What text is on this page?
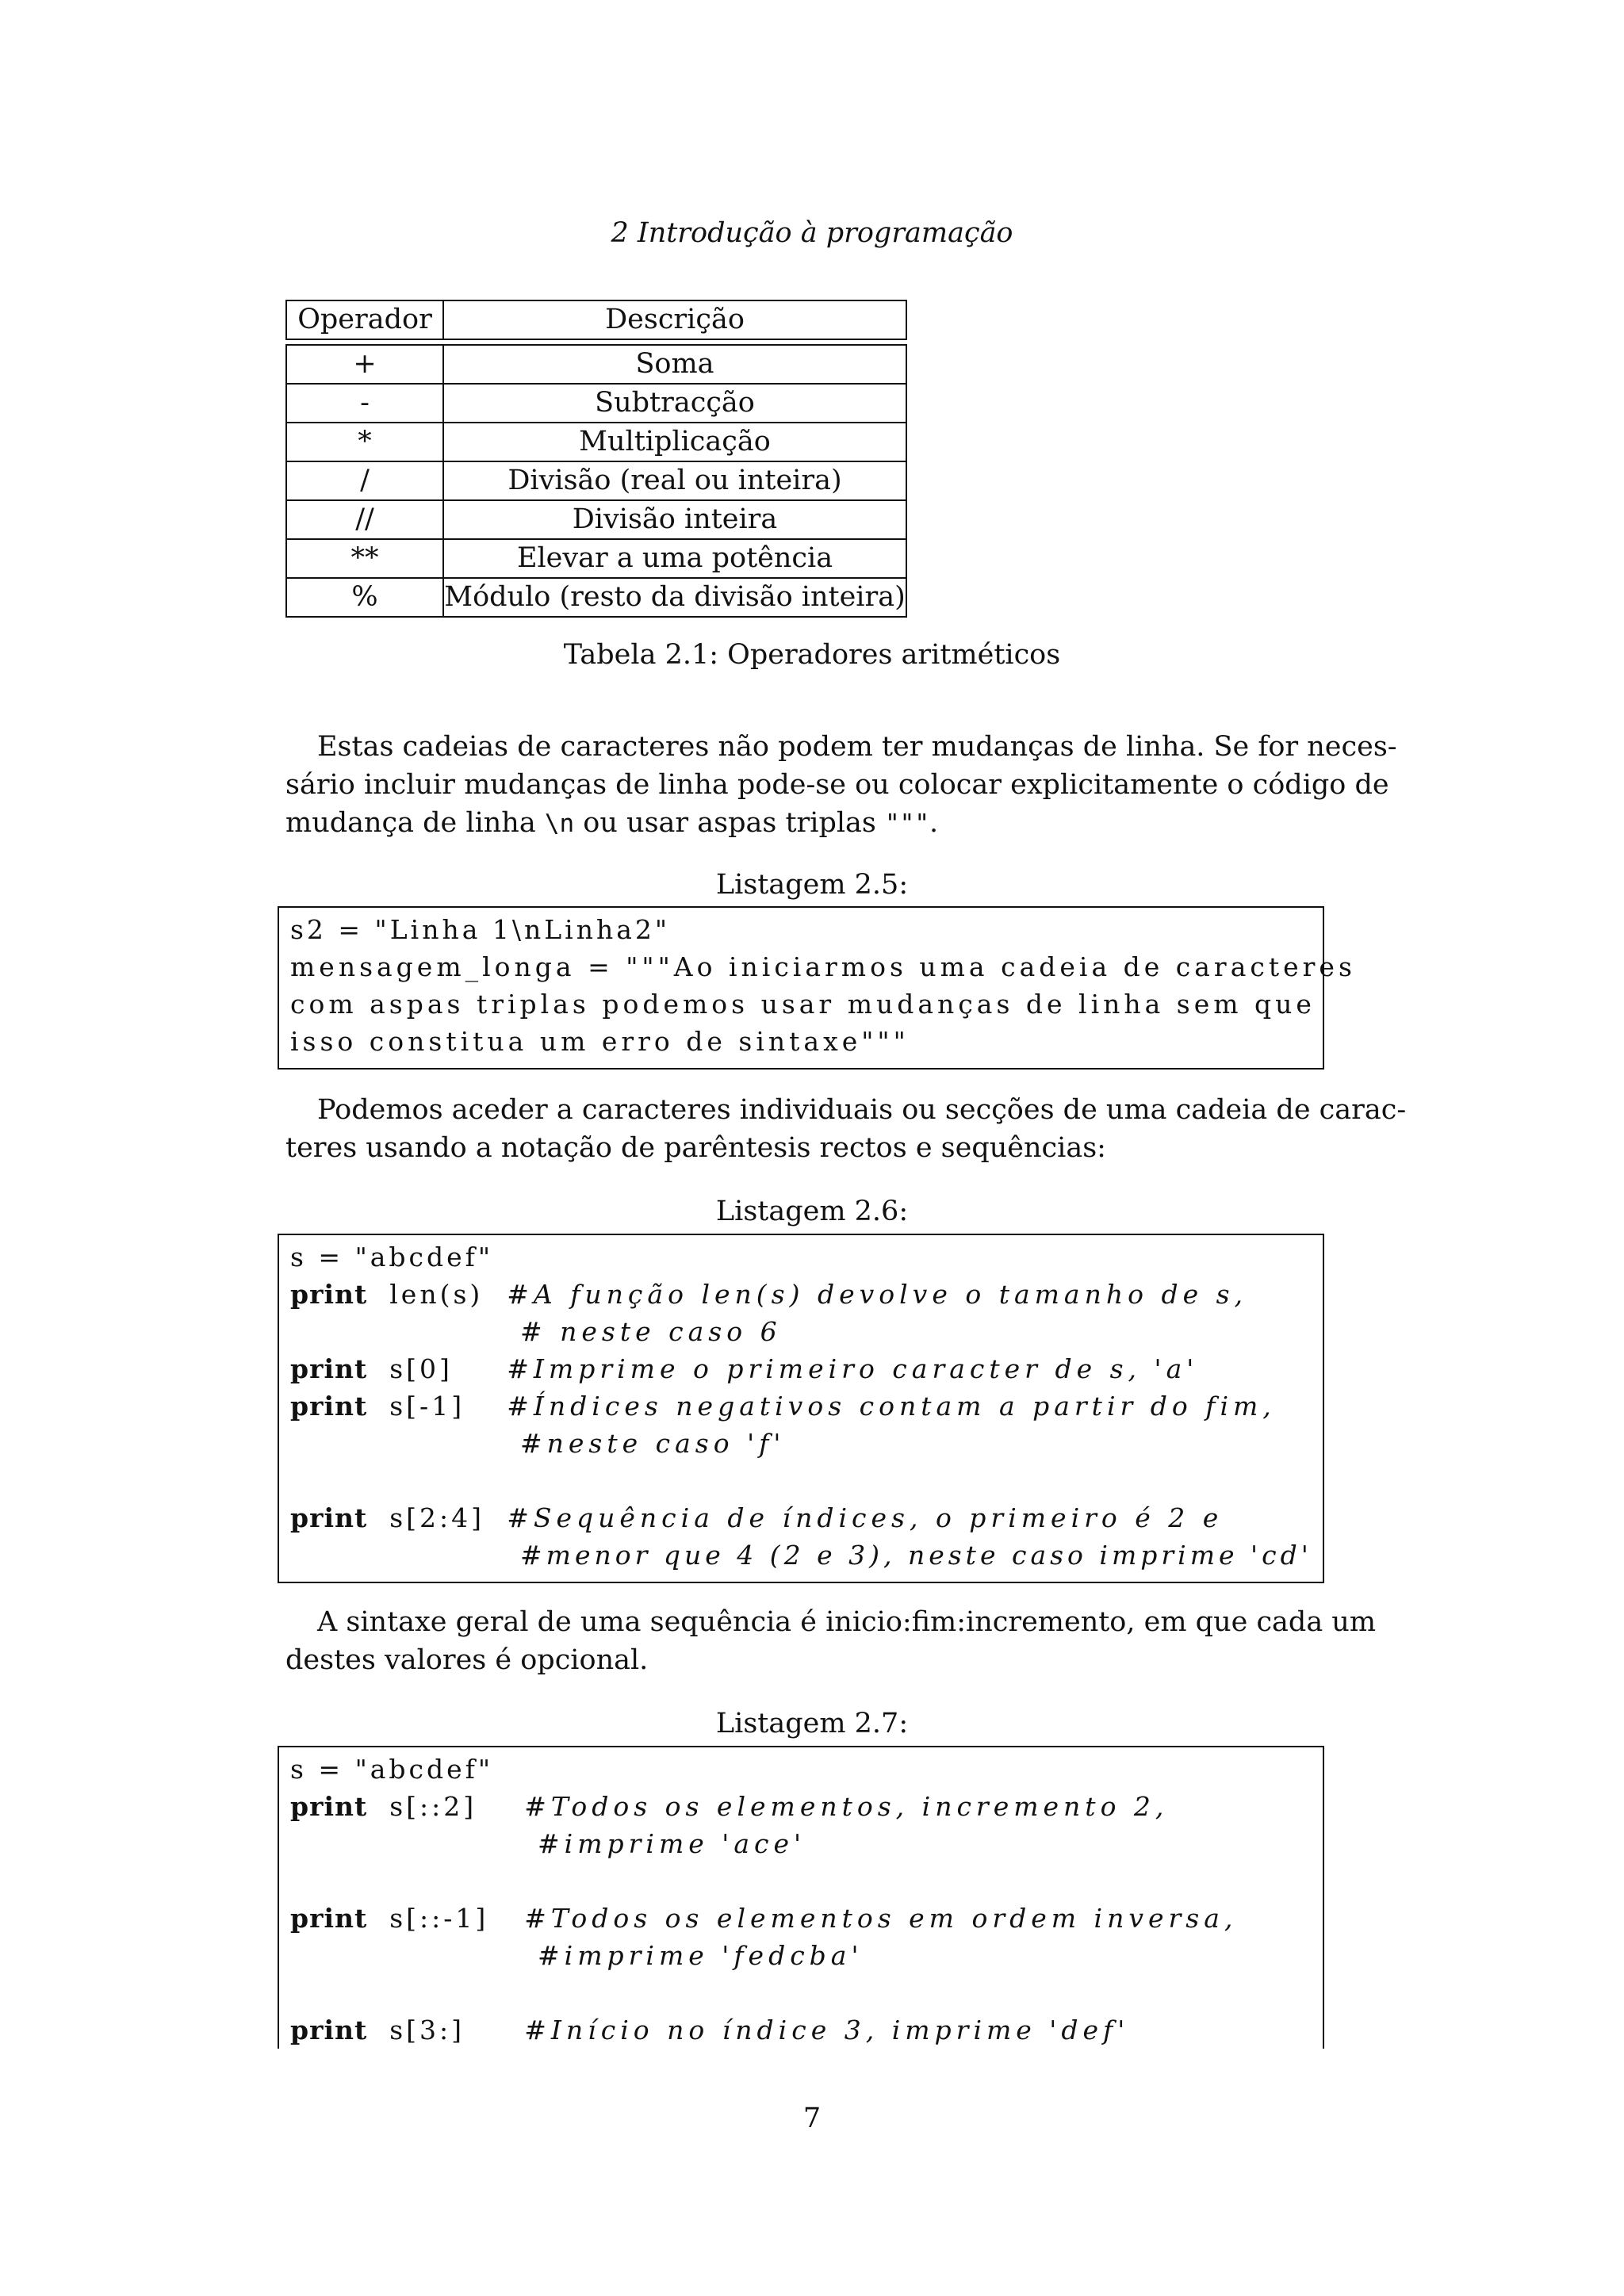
2 Introdução à programação
Operador	Descrição
+	Soma
-	Subtracção
*	Multiplicação
/	Divisão (real ou inteira)
//	Divisão inteira
**	Elevar a uma potência
%	Módulo (resto da divisão inteira)
Tabela 2.1: Operadores aritméticos
Estas cadeias de caracteres não podem ter mudanças de linha. Se for neces-
sário incluir mudanças de linha pode-se ou colocar explicitamente o código de
mudança de linha \n ou usar aspas triplas """.
Listagem 2.5:
s2 = "Linha 1\nLinha2"
mensagem_longa = """Ao iniciarmos uma cadeia de caracteres
com aspas triplas podemos usar mudanças de linha sem que
isso constitua um erro de sintaxe"""
Podemos aceder a caracteres individuais ou secções de uma cadeia de carac-
teres usando a notação de parêntesis rectos e sequências:
Listagem 2.6:
s = "abcdef"
print len(s) #A função len(s) devolve o tamanho de s,
# neste caso 6
print s[0] #Imprime o primeiro caracter de s, 'a'
print s[-1] #Índices negativos contam a partir do fim,
#neste caso 'f'
print s[2:4] #Sequência de índices, o primeiro é 2 e
#menor que 4 (2 e 3), neste caso imprime 'cd'
A sintaxe geral de uma sequência é inicio:fim:incremento, em que cada um
destes valores é opcional.
Listagem 2.7:
s = "abcdef"
print s[::2] #Todos os elementos, incremento 2,
#imprime 'ace'
print s[::-1] #Todos os elementos em ordem inversa,
#imprime 'fedcba'
print s[3:] #Início no índice 3, imprime 'def'
7
